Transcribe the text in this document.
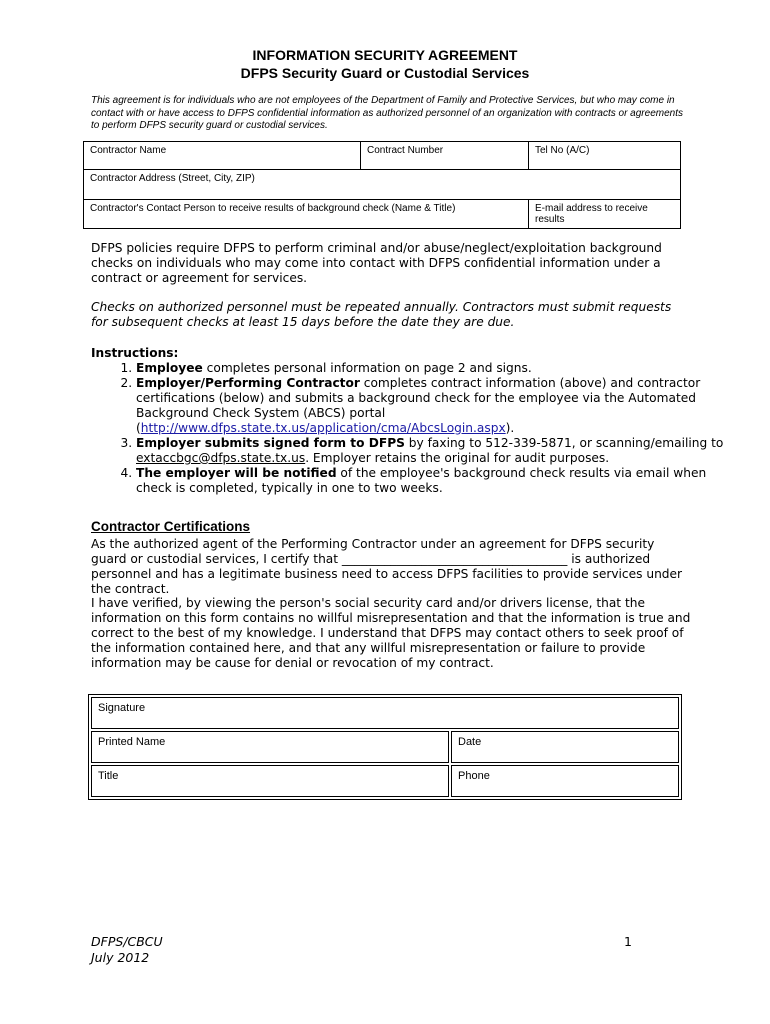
INFORMATION SECURITY AGREEMENT
DFPS Security Guard or Custodial Services
This agreement is for individuals who are not employees of the Department of Family and Protective Services, but who may come in contact with or have access to DFPS confidential information as authorized personnel of an organization with contracts or agreements to perform DFPS security guard or custodial services.
Contractor Name	Contract Number	Tel No (A/C)
Contractor Address (Street, City, ZIP)		
Contractor's Contact Person to receive results of background check (Name & Title)		E-mail address to receive results
DFPS policies require DFPS to perform criminal and/or abuse/neglect/exploitation background checks on individuals who may come into contact with DFPS confidential information under a contract or agreement for services.
Checks on authorized personnel must be repeated annually. Contractors must submit requests for subsequent checks at least 15 days before the date they are due.
Instructions:
1. Employee completes personal information on page 2 and signs.
2. Employer/Performing Contractor completes contract information (above) and contractor certifications (below) and submits a background check for the employee via the Automated Background Check System (ABCS) portal (http://www.dfps.state.tx.us/application/cma/AbcsLogin.aspx).
3. Employer submits signed form to DFPS by faxing to 512-339-5871, or scanning/emailing to extaccbgc@dfps.state.tx.us. Employer retains the original for audit purposes.
4. The employer will be notified of the employee's background check results via email when check is completed, typically in one to two weeks.
Contractor Certifications
As the authorized agent of the Performing Contractor under an agreement for DFPS security guard or custodial services, I certify that _____________________________________ is authorized personnel and has a legitimate business need to access DFPS facilities to provide services under the contract.
I have verified, by viewing the person's social security card and/or drivers license, that the information on this form contains no willful misrepresentation and that the information is true and correct to the best of my knowledge. I understand that DFPS may contact others to seek proof of the information contained here, and that any willful misrepresentation or failure to provide information may be cause for denial or revocation of my contract.
Signature	
Printed Name	Date
Title	Phone
DFPS/CBCU
July 2012
1
